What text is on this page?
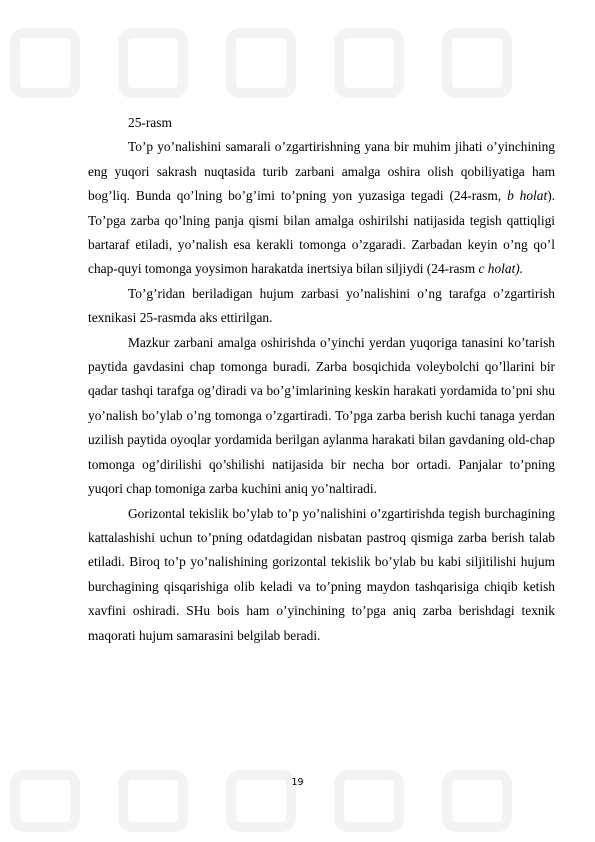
25-rasm

To’p yo’nalishini samarali o’zgartirishning yana bir muhim jihati o’yinchining eng yuqori sakrash nuqtasida turib zarbani amalga oshira olish qobiliyatiga ham bog’liq. Bunda qo’lning bo’g’imi to’pning yon yuzasiga tegadi (24-rasm, b holat). To’pga zarba qo’lning panja qismi bilan amalga oshirilshi natijasida tegish qattiqligi bartaraf etiladi, yo’nalish esa kerakli tomonga o’zgaradi. Zarbadan keyin o’ng qo’l chap-quyi tomonga yoysimon harakatda inertsiya bilan siljiydi (24-rasm c holat).

To’g’ridan beriladigan hujum zarbasi yo’nalishini o’ng tarafga o’zgartirish texnikasi 25-rasmda aks ettirilgan.

Mazkur zarbani amalga oshirishda o’yinchi yerdan yuqoriga tanasini ko’tarish paytida gavdasini chap tomonga buradi. Zarba bosqichida voleybolchi qo’llarini bir qadar tashqi tarafga og’diradi va bo’g’imlarining keskin harakati yordamida to’pni shu yo’nalish bo’ylab o’ng tomonga o’zgartiradi. To’pga zarba berish kuchi tanaga yerdan uzilish paytida oyoqlar yordamida berilgan aylanma harakati bilan gavdaning old-chap tomonga og’dirilishi qo’shilishi natijasida bir necha bor ortadi. Panjalar to’pning yuqori chap tomoniga zarba kuchini aniq yo’naltiradi.

Gorizontal tekislik bo’ylab to’p yo’nalishini o’zgartirishda tegish burchagining kattalashishi uchun to’pning odatdagidan nisbatan pastroq qismiga zarba berish talab etiladi. Biroq to’p yo’nalishining gorizontal tekislik bo’ylab bu kabi siljitilishi hujum burchagining qisqarishiga olib keladi va to’pning maydon tashqarisiga chiqib ketish xavfini oshiradi. SHu bois ham o’yinchining to’pga aniq zarba berishdagi texnik maqorati hujum samarasini belgilab beradi.

19
